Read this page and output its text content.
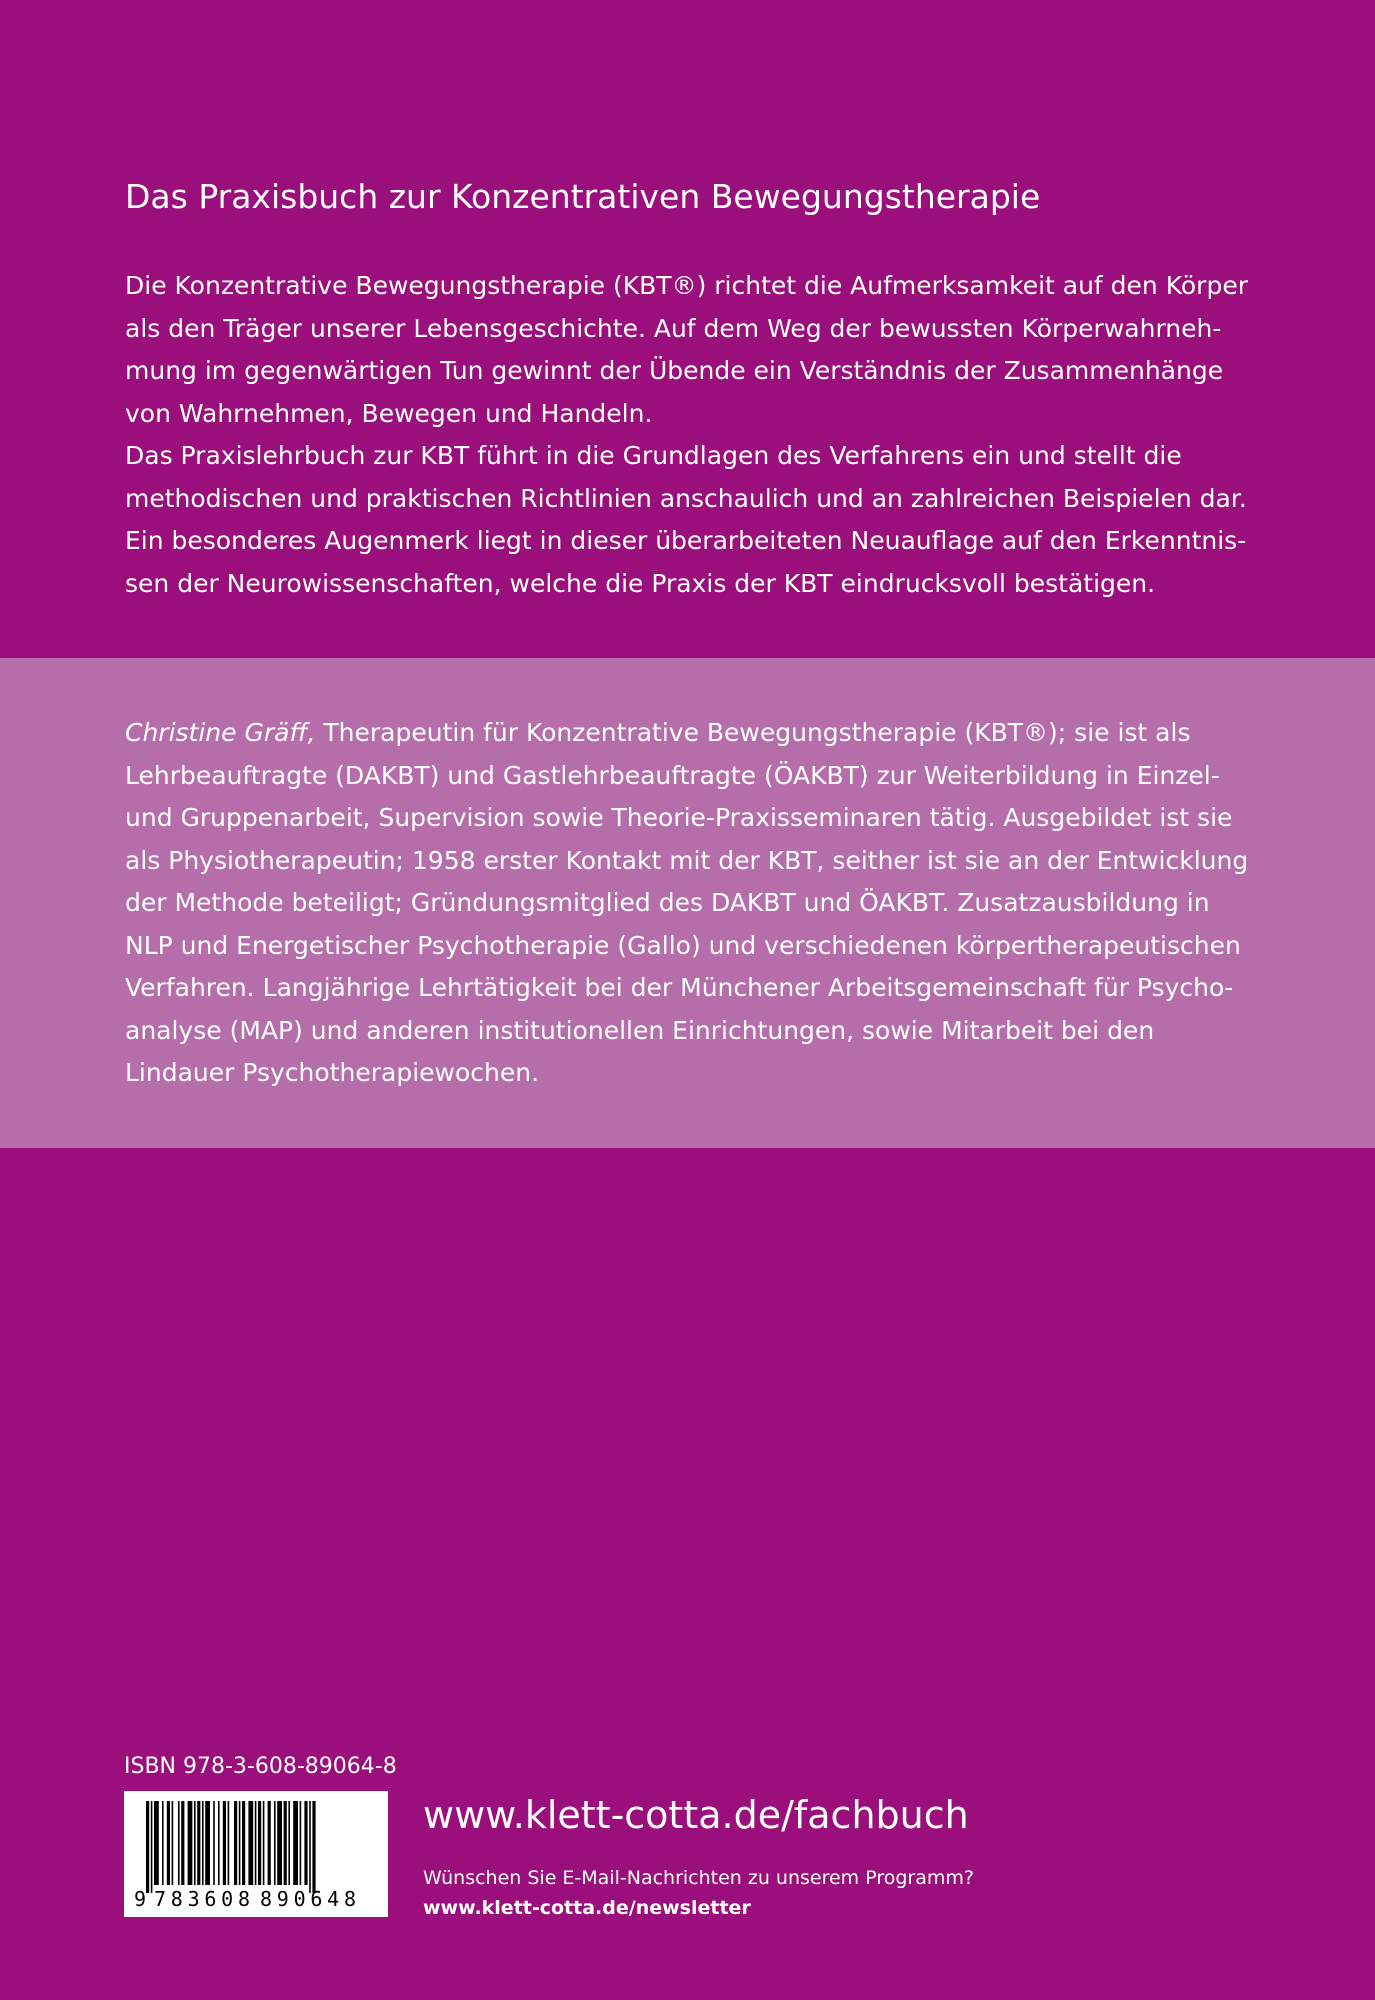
Das Praxisbuch zur Konzentrativen Bewegungstherapie

Die Konzentrative Bewegungstherapie (KBT®) richtet die Aufmerksamkeit auf den Körper als den Träger unserer Lebensgeschichte. Auf dem Weg der bewussten Körperwahrnehmung im gegenwärtigen Tun gewinnt der Übende ein Verständnis der Zusammenhänge von Wahrnehmen, Bewegen und Handeln.

Das Praxislehrbuch zur KBT führt in die Grundlagen des Verfahrens ein und stellt die methodischen und praktischen Richtlinien anschaulich und an zahlreichen Beispielen dar. Ein besonderes Augenmerk liegt in dieser überarbeiteten Neuauflage auf den Erkenntnissen der Neurowissenschaften, welche die Praxis der KBT eindrucksvoll bestätigen.

Christine Gräff, Therapeutin für Konzentrative Bewegungstherapie (KBT®); sie ist als Lehrbeauftragte (DAKBT) und Gastlehrbeauftragte (ÖAKBT) zur Weiterbildung in Einzel- und Gruppenarbeit, Supervision sowie Theorie-Praxisseminaren tätig. Ausgebildet ist sie als Physiotherapeutin; 1958 erster Kontakt mit der KBT, seither ist sie an der Entwicklung der Methode beteiligt; Gründungsmitglied des DAKBT und ÖAKBT. Zusatzausbildung in NLP und Energetischer Psychotherapie (Gallo) und verschiedenen körpertherapeutischen Verfahren. Langjährige Lehrtätigkeit bei der Münchener Arbeitsgemeinschaft für Psychoanalyse (MAP) und anderen institutionellen Einrichtungen, sowie Mitarbeit bei den Lindauer Psychotherapiewochen.

ISBN 978-3-608-89064-8
9 783608 890648
www.klett-cotta.de/fachbuch
Wünschen Sie E-Mail-Nachrichten zu unserem Programm?
www.klett-cotta.de/newsletter
